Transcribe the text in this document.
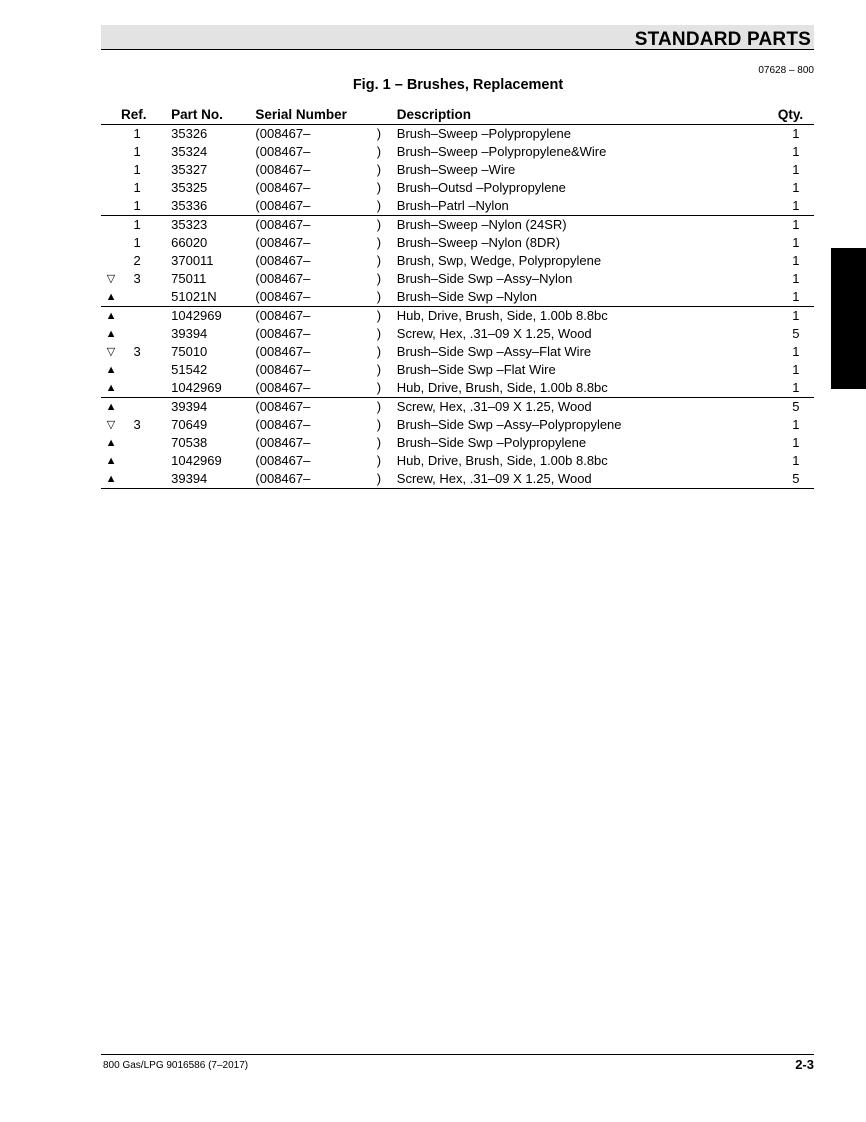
STANDARD PARTS
07628 – 800
Fig. 1 – Brushes, Replacement
	Ref.	Part No.	Serial Number		Description	Qty.
	1	35326	(008467–	)	Brush–Sweep –Polypropylene	1
	1	35324	(008467–	)	Brush–Sweep –Polypropylene&Wire	1
	1	35327	(008467–	)	Brush–Sweep –Wire	1
	1	35325	(008467–	)	Brush–Outsd –Polypropylene	1
	1	35336	(008467–	)	Brush–Patrl –Nylon	1
	1	35323	(008467–	)	Brush–Sweep –Nylon (24SR)	1
	1	66020	(008467–	)	Brush–Sweep –Nylon (8DR)	1
	2	370011	(008467–	)	Brush, Swp, Wedge, Polypropylene	1
▽	3	75011	(008467–	)	Brush–Side Swp –Assy–Nylon	1
▲		51021N	(008467–	)	Brush–Side Swp –Nylon	1
▲		1042969	(008467–	)	Hub, Drive, Brush, Side, 1.00b 8.8bc	1
▲		39394	(008467–	)	Screw, Hex, .31–09 X 1.25, Wood	5
▽	3	75010	(008467–	)	Brush–Side Swp –Assy–Flat Wire	1
▲		51542	(008467–	)	Brush–Side Swp –Flat Wire	1
▲		1042969	(008467–	)	Hub, Drive, Brush, Side, 1.00b 8.8bc	1
▲		39394	(008467–	)	Screw, Hex, .31–09 X 1.25, Wood	5
▽	3	70649	(008467–	)	Brush–Side Swp –Assy–Polypropylene	1
▲		70538	(008467–	)	Brush–Side Swp –Polypropylene	1
▲		1042969	(008467–	)	Hub, Drive, Brush, Side, 1.00b 8.8bc	1
▲		39394	(008467–	)	Screw, Hex, .31–09 X 1.25, Wood	5
800 Gas/LPG 9016586 (7–2017)	2-3
